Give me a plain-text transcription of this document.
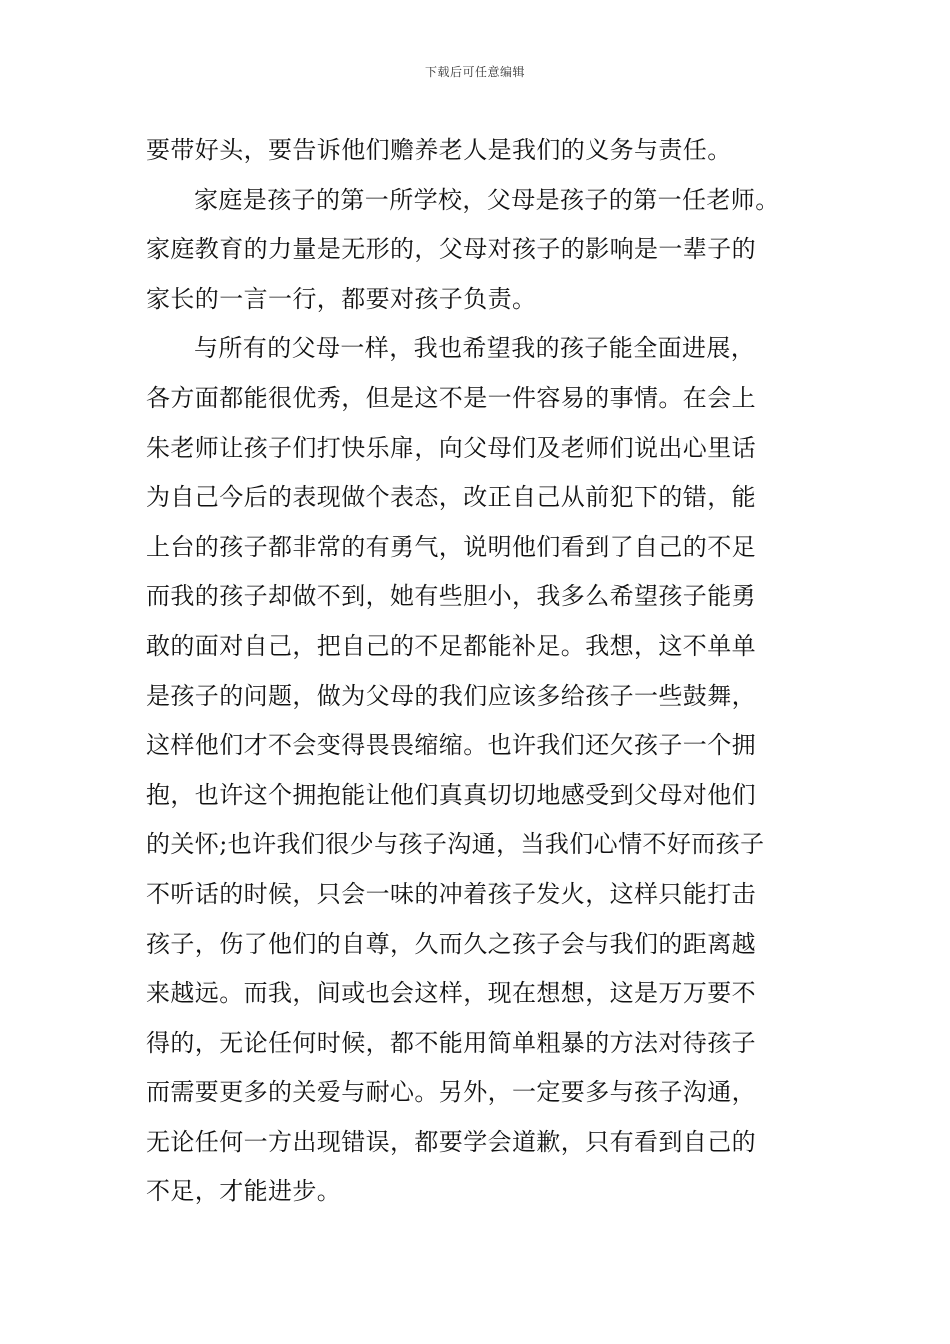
下载后可任意编辑
要带好头，要告诉他们赡养老人是我们的义务与责任。
家庭是孩子的第一所学校，父母是孩子的第一任老师。
家庭教育的力量是无形的，父母对孩子的影响是一辈子的
家长的一言一行，都要对孩子负责。
与所有的父母一样，我也希望我的孩子能全面进展，
各方面都能很优秀，但是这不是一件容易的事情。在会上
朱老师让孩子们打快乐扉，向父母们及老师们说出心里话
为自己今后的表现做个表态，改正自己从前犯下的错，能
上台的孩子都非常的有勇气，说明他们看到了自己的不足
而我的孩子却做不到，她有些胆小，我多么希望孩子能勇
敢的面对自己，把自己的不足都能补足。我想，这不单单
是孩子的问题，做为父母的我们应该多给孩子一些鼓舞，
这样他们才不会变得畏畏缩缩。也许我们还欠孩子一个拥
抱，也许这个拥抱能让他们真真切切地感受到父母对他们
的关怀;也许我们很少与孩子沟通，当我们心情不好而孩子
不听话的时候，只会一味的冲着孩子发火，这样只能打击
孩子，伤了他们的自尊，久而久之孩子会与我们的距离越
来越远。而我，间或也会这样，现在想想，这是万万要不
得的，无论任何时候，都不能用简单粗暴的方法对待孩子
而需要更多的关爱与耐心。另外，一定要多与孩子沟通，
无论任何一方出现错误，都要学会道歉，只有看到自己的
不足，才能进步。
